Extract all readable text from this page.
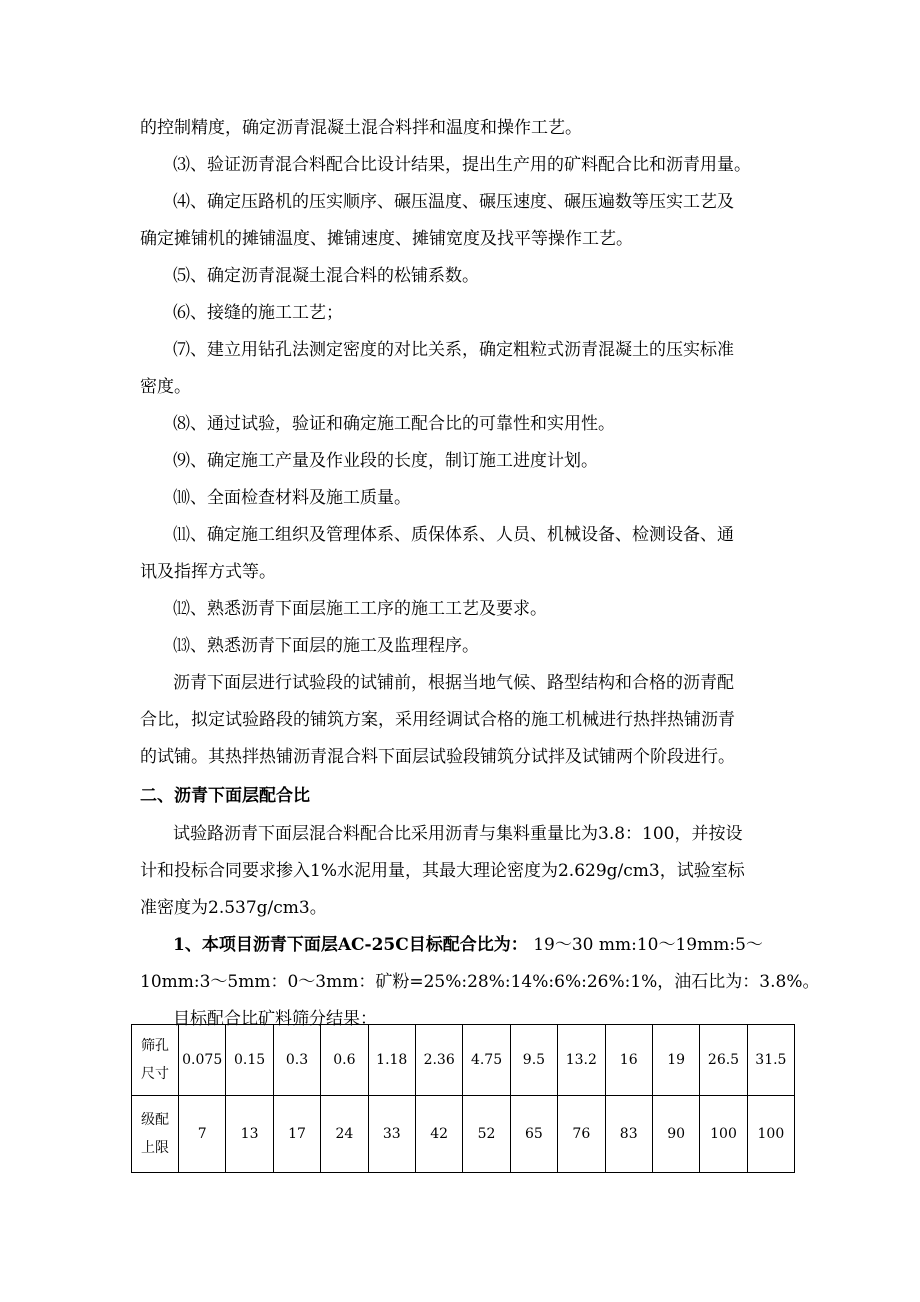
的控制精度，确定沥青混凝土混合料拌和温度和操作工艺。
⑶、验证沥青混合料配合比设计结果，提出生产用的矿料配合比和沥青用量。
⑷、确定压路机的压实顺序、碾压温度、碾压速度、碾压遍数等压实工艺及
确定摊铺机的摊铺温度、摊铺速度、摊铺宽度及找平等操作工艺。
⑸、确定沥青混凝土混合料的松铺系数。
⑹、接缝的施工工艺；
⑺、建立用钻孔法测定密度的对比关系，确定粗粒式沥青混凝土的压实标准
密度。
⑻、通过试验，验证和确定施工配合比的可靠性和实用性。
⑼、确定施工产量及作业段的长度，制订施工进度计划。
⑽、全面检查材料及施工质量。
⑾、确定施工组织及管理体系、质保体系、人员、机械设备、检测设备、通
讯及指挥方式等。
⑿、熟悉沥青下面层施工工序的施工工艺及要求。
⒀、熟悉沥青下面层的施工及监理程序。
沥青下面层进行试验段的试铺前，根据当地气候、路型结构和合格的沥青配
合比，拟定试验路段的铺筑方案，采用经调试合格的施工机械进行热拌热铺沥青
的试铺。其热拌热铺沥青混合料下面层试验段铺筑分试拌及试铺两个阶段进行。
二、沥青下面层配合比
试验路沥青下面层混合料配合比采用沥青与集料重量比为3.8：100，并按设
计和投标合同要求掺入1%水泥用量，其最大理论密度为2.629g/cm3，试验室标
准密度为2.537g/cm3。
1、本项目沥青下面层AC-25C目标配合比为： 19～30 mm:10～19mm:5～
10mm:3～5mm：0～3mm：矿粉=25%:28%:14%:6%:26%:1%，油石比为：3.8%。
目标配合比矿料筛分结果：
筛孔
尺寸	0.075	0.15	0.3	0.6	1.18	2.36	4.75	9.5	13.2	16	19	26.5	31.5
级配
上限	7	13	17	24	33	42	52	65	76	83	90	100	100
